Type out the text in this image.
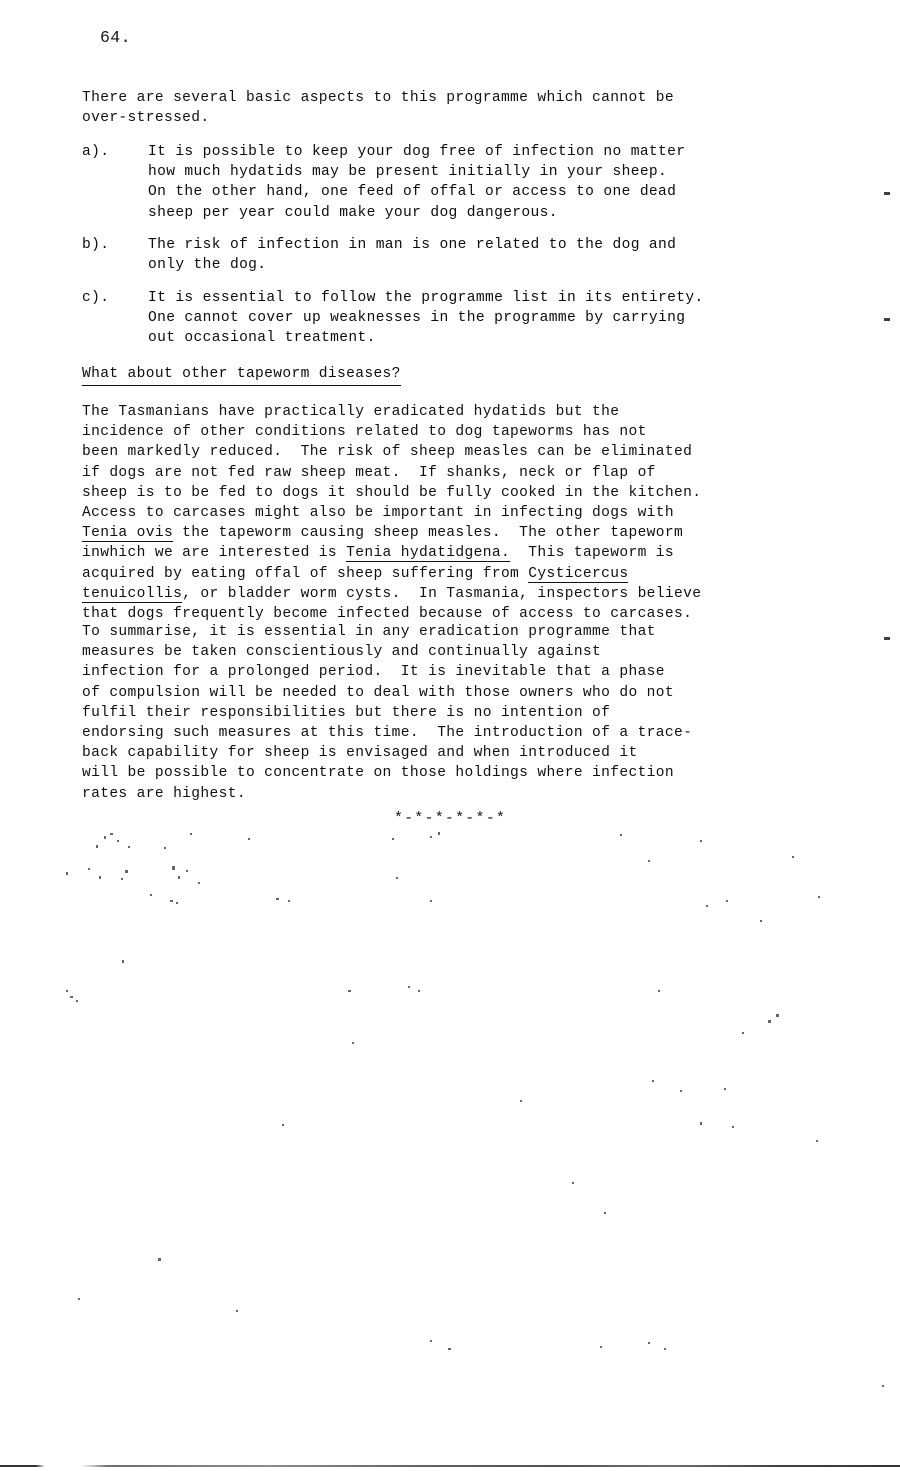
64.
There are several basic aspects to this programme which cannot be
over-stressed.
a).	It is possible to keep your dog free of infection no matter
how much hydatids may be present initially in your sheep.
On the other hand, one feed of offal or access to one dead
sheep per year could make your dog dangerous.
b).	The risk of infection in man is one related to the dog and
only the dog.
c).	It is essential to follow the programme list in its entirety.
One cannot cover up weaknesses in the programme by carrying
out occasional treatment.
What about other tapeworm diseases?
The Tasmanians have practically eradicated hydatids but the
incidence of other conditions related to dog tapeworms has not
been markedly reduced.  The risk of sheep measles can be eliminated
if dogs are not fed raw sheep meat.  If shanks, neck or flap of
sheep is to be fed to dogs it should be fully cooked in the kitchen.
Access to carcases might also be important in infecting dogs with
Tenia ovis the tapeworm causing sheep measles.  The other tapeworm
inwhich we are interested is Tenia hydatidgena.  This tapeworm is
acquired by eating offal of sheep suffering from Cysticercus
tenuicollis, or bladder worm cysts.  In Tasmania, inspectors believe
that dogs frequently become infected because of access to carcases.
To summarise, it is essential in any eradication programme that
measures be taken conscientiously and continually against
infection for a prolonged period.  It is inevitable that a phase
of compulsion will be needed to deal with those owners who do not
fulfil their responsibilities but there is no intention of
endorsing such measures at this time.  The introduction of a trace-
back capability for sheep is envisaged and when introduced it
will be possible to concentrate on those holdings where infection
rates are highest.
*-*-*-*-*-*
